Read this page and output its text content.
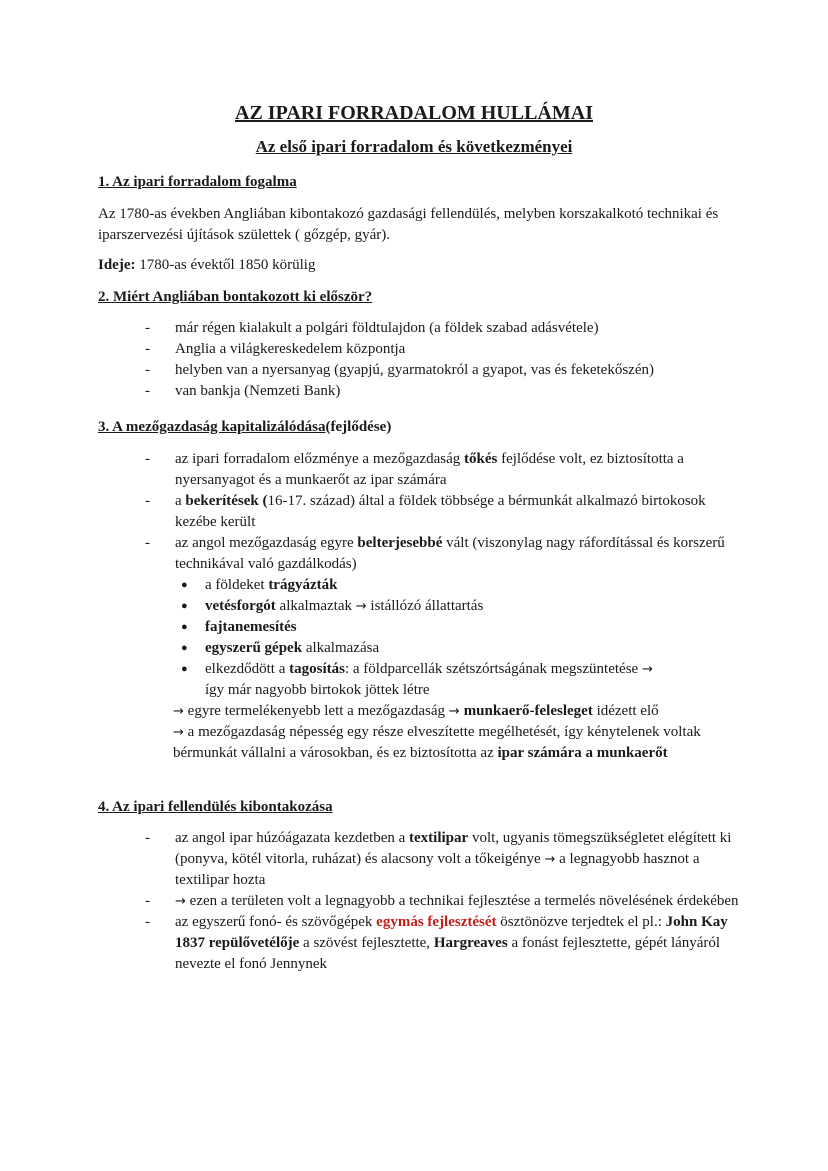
AZ IPARI FORRADALOM HULLÁMAI
Az első ipari forradalom és következményei
1. Az ipari forradalom fogalma
Az 1780-as években Angliában kibontakozó gazdasági fellendülés, melyben korszakalkotó technikai és iparszervezési újítások születtek ( gőzgép, gyár).
Ideje: 1780-as évektől 1850 körülig
2. Miért Angliában bontakozott ki először?
- már régen kialakult a polgári földtulajdon (a földek szabad adásvétele)
- Anglia a világkereskedelem központja
- helyben van a nyersanyag (gyapjú, gyarmatokról a gyapot, vas és feketekőszén)
- van bankja (Nemzeti Bank)
3. A mezőgazdaság kapitalizálódása(fejlődése)
- az ipari forradalom előzménye a mezőgazdaság tőkés fejlődése volt, ez biztosította a nyersanyagot és a munkaerőt az ipar számára
- a bekerítések (16-17. század) által a földek többsége a bérmunkát alkalmazó birtokosok kezébe került
- az angol mezőgazdaság egyre belterjesebbé vált (viszonylag nagy ráfordítással és korszerű technikával való gazdálkodás)
● a földeket trágyázták
● vetésforgót alkalmaztak → istállózó állattartás
● fajtanemesítés
● egyszerű gépek alkalmazása
● elkezdődött a tagosítás: a földparcellák szétszórtságának megszüntetése →
így már nagyobb birtokok jöttek létre
→ egyre termelékenyebb lett a mezőgazdaság → munkaerő-felesleget idézett elő
→ a mezőgazdaság népesség egy része elveszítette megélhetését, így kénytelenek voltak bérmunkát vállalni a városokban, és ez biztosította az ipar számára a munkaerőt
4. Az ipari fellendülés kibontakozása
- az angol ipar húzóágazata kezdetben a textilipar volt, ugyanis tömegszükségletet elégített ki (ponyva, kötél vitorla, ruházat) és alacsony volt a tőkeigénye → a legnagyobb hasznot a textilipar hozta
- → ezen a területen volt a legnagyobb a technikai fejlesztése a termelés növelésének érdekében
- az egyszerű fonó- és szövőgépek egymás fejlesztését ösztönözve terjedtek el pl.: John Kay 1837 repülővetélője a szövést fejlesztette, Hargreaves a fonást fejlesztette, gépét lányáról nevezte el fonó Jennynek
